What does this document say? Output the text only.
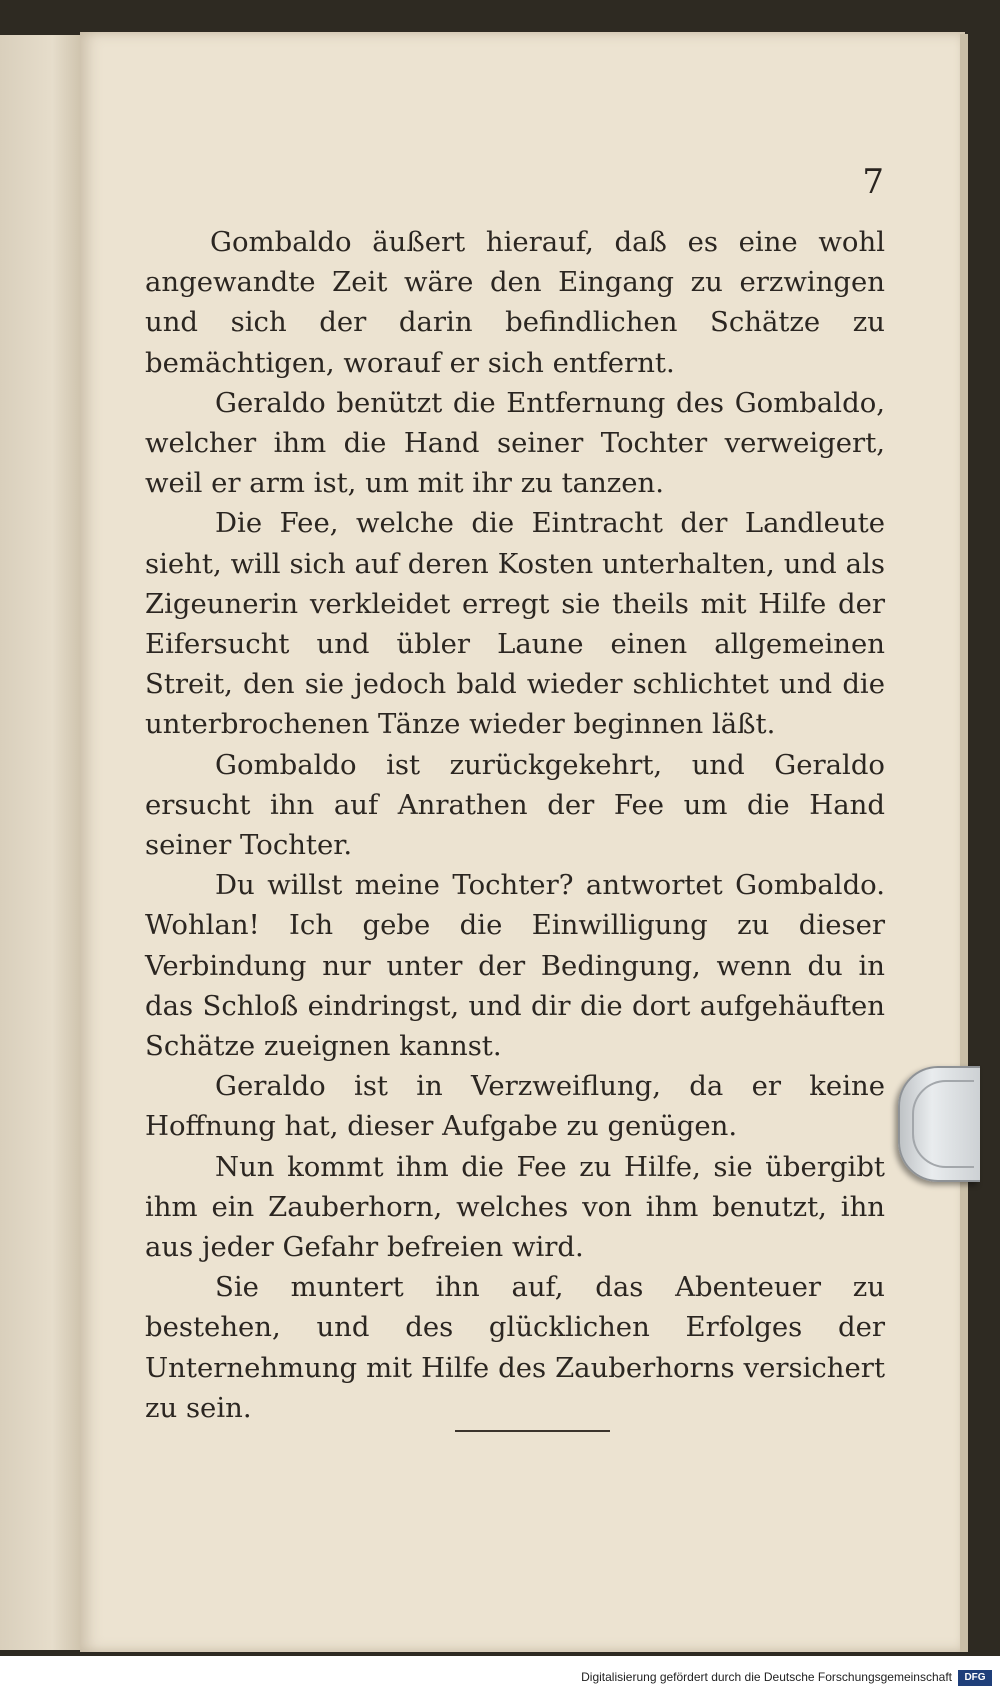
7

Gombaldo äußert hierauf, daß es eine wohl angewandte Zeit wäre den Eingang zu erzwingen und sich der darin befindlichen Schätze zu bemächtigen, worauf er sich entfernt.

Geraldo benützt die Entfernung des Gombaldo, welcher ihm die Hand seiner Tochter verweigert, weil er arm ist, um mit ihr zu tanzen.

Die Fee, welche die Eintracht der Landleute sieht, will sich auf deren Kosten unterhalten, und als Zigeunerin verkleidet erregt sie theils mit Hilfe der Eifersucht und übler Laune einen allgemeinen Streit, den sie jedoch bald wieder schlichtet und die unterbrochenen Tänze wieder beginnen läßt.

Gombaldo ist zurückgekehrt, und Geraldo ersucht ihn auf Anrathen der Fee um die Hand seiner Tochter.

Du willst meine Tochter? antwortet Gombaldo. Wohlan! Ich gebe die Einwilligung zu dieser Verbindung nur unter der Bedingung, wenn du in das Schloß eindringst, und dir die dort aufgehäuften Schätze zueignen kannst.

Geraldo ist in Verzweiflung, da er keine Hoffnung hat, dieser Aufgabe zu genügen.

Nun kommt ihm die Fee zu Hilfe, sie übergibt ihm ein Zauberhorn, welches von ihm benutzt, ihn aus jeder Gefahr befreien wird.

Sie muntert ihn auf, das Abenteuer zu bestehen, und des glücklichen Erfolges der Unternehmung mit Hilfe des Zauberhorns versichert zu sein.

Digitalisierung gefördert durch die Deutsche Forschungsgemeinschaft	DFG
